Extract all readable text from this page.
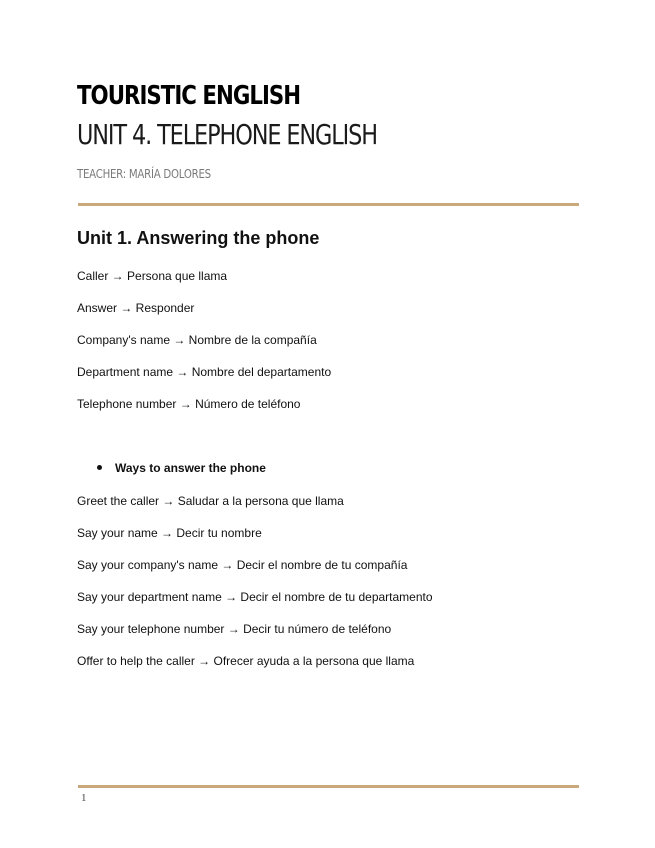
TOURISTIC ENGLISH
UNIT 4. TELEPHONE ENGLISH
TEACHER: MARÍA DOLORES
Unit 1. Answering the phone
Caller → Persona que llama
Answer → Responder
Company's name → Nombre de la compañía
Department name → Nombre del departamento
Telephone number → Número de teléfono
Ways to answer the phone
Greet the caller → Saludar a la persona que llama
Say your name → Decir tu nombre
Say your company's name → Decir el nombre de tu compañía
Say your department name → Decir el nombre de tu departamento
Say your telephone number → Decir tu número de teléfono
Offer to help the caller → Ofrecer ayuda a la persona que llama
1
